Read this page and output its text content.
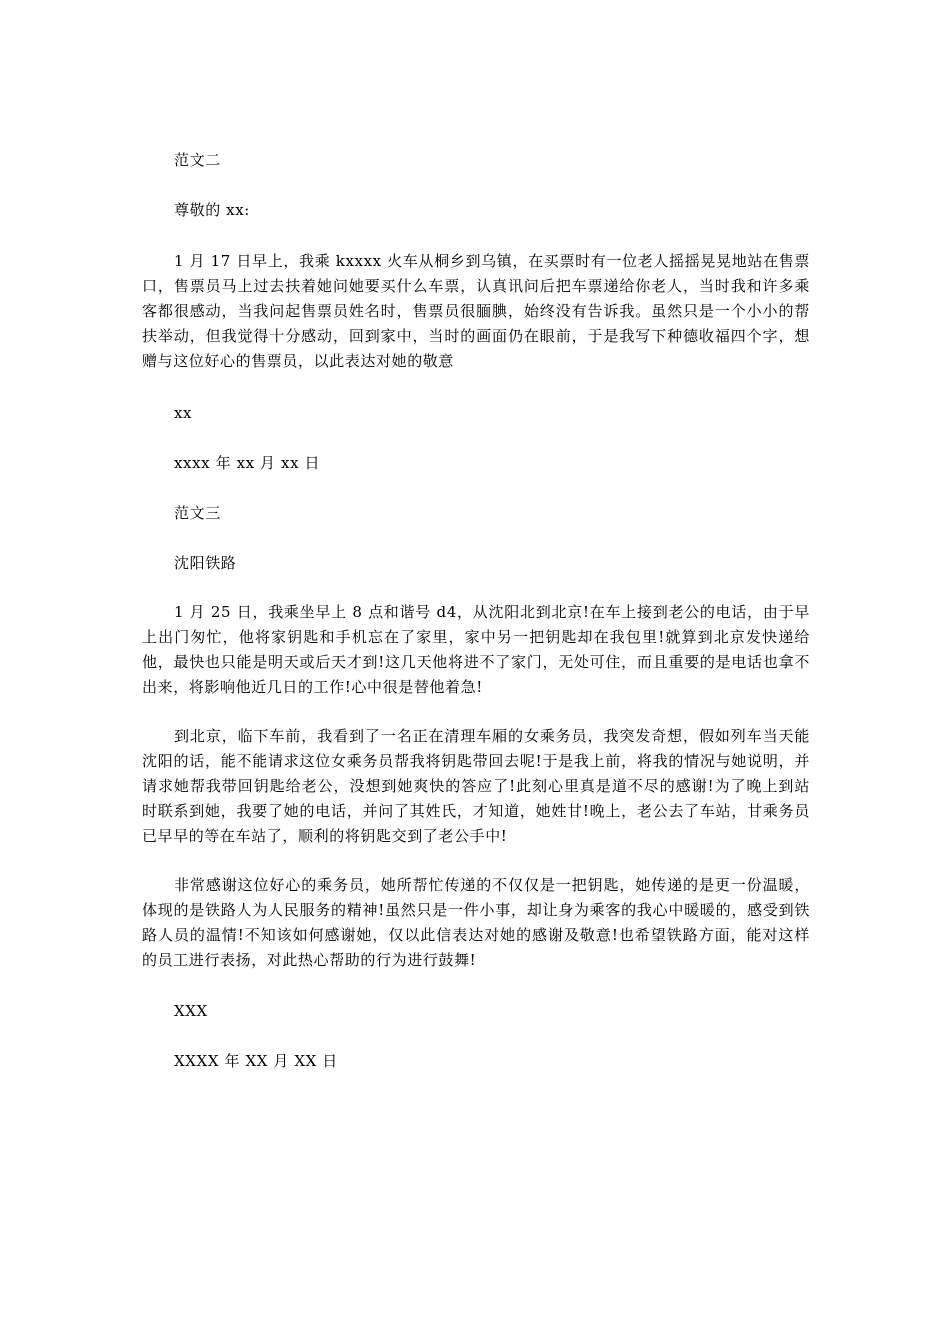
范文二
尊敬的 xx:
1 月 17 日早上，我乘 kxxxx 火车从桐乡到乌镇，在买票时有一位老人摇摇晃晃地站在售票口，售票员马上过去扶着她问她要买什么车票，认真讯问后把车票递给你老人，当时我和许多乘客都很感动，当我问起售票员姓名时，售票员很腼腆，始终没有告诉我。虽然只是一个小小的帮扶举动，但我觉得十分感动，回到家中，当时的画面仍在眼前，于是我写下种德收福四个字，想赠与这位好心的售票员，以此表达对她的敬意
xx
xxxx 年 xx 月 xx 日
范文三
沈阳铁路
1 月 25 日，我乘坐早上 8 点和谐号 d4，从沈阳北到北京!在车上接到老公的电话，由于早上出门匆忙，他将家钥匙和手机忘在了家里，家中另一把钥匙却在我包里!就算到北京发快递给他，最快也只能是明天或后天才到!这几天他将进不了家门，无处可住，而且重要的是电话也拿不出来，将影响他近几日的工作!心中很是替他着急!
到北京，临下车前，我看到了一名正在清理车厢的女乘务员，我突发奇想，假如列车当天能沈阳的话，能不能请求这位女乘务员帮我将钥匙带回去呢!于是我上前，将我的情况与她说明，并请求她帮我带回钥匙给老公，没想到她爽快的答应了!此刻心里真是道不尽的感谢!为了晚上到站时联系到她，我要了她的电话，并问了其姓氏，才知道，她姓甘!晚上，老公去了车站，甘乘务员已早早的等在车站了，顺利的将钥匙交到了老公手中!
非常感谢这位好心的乘务员，她所帮忙传递的不仅仅是一把钥匙，她传递的是更一份温暖，体现的是铁路人为人民服务的精神!虽然只是一件小事，却让身为乘客的我心中暖暖的，感受到铁路人员的温情!不知该如何感谢她，仅以此信表达对她的感谢及敬意!也希望铁路方面，能对这样的员工进行表扬，对此热心帮助的行为进行鼓舞!
XXX
XXXX 年 XX 月 XX 日
